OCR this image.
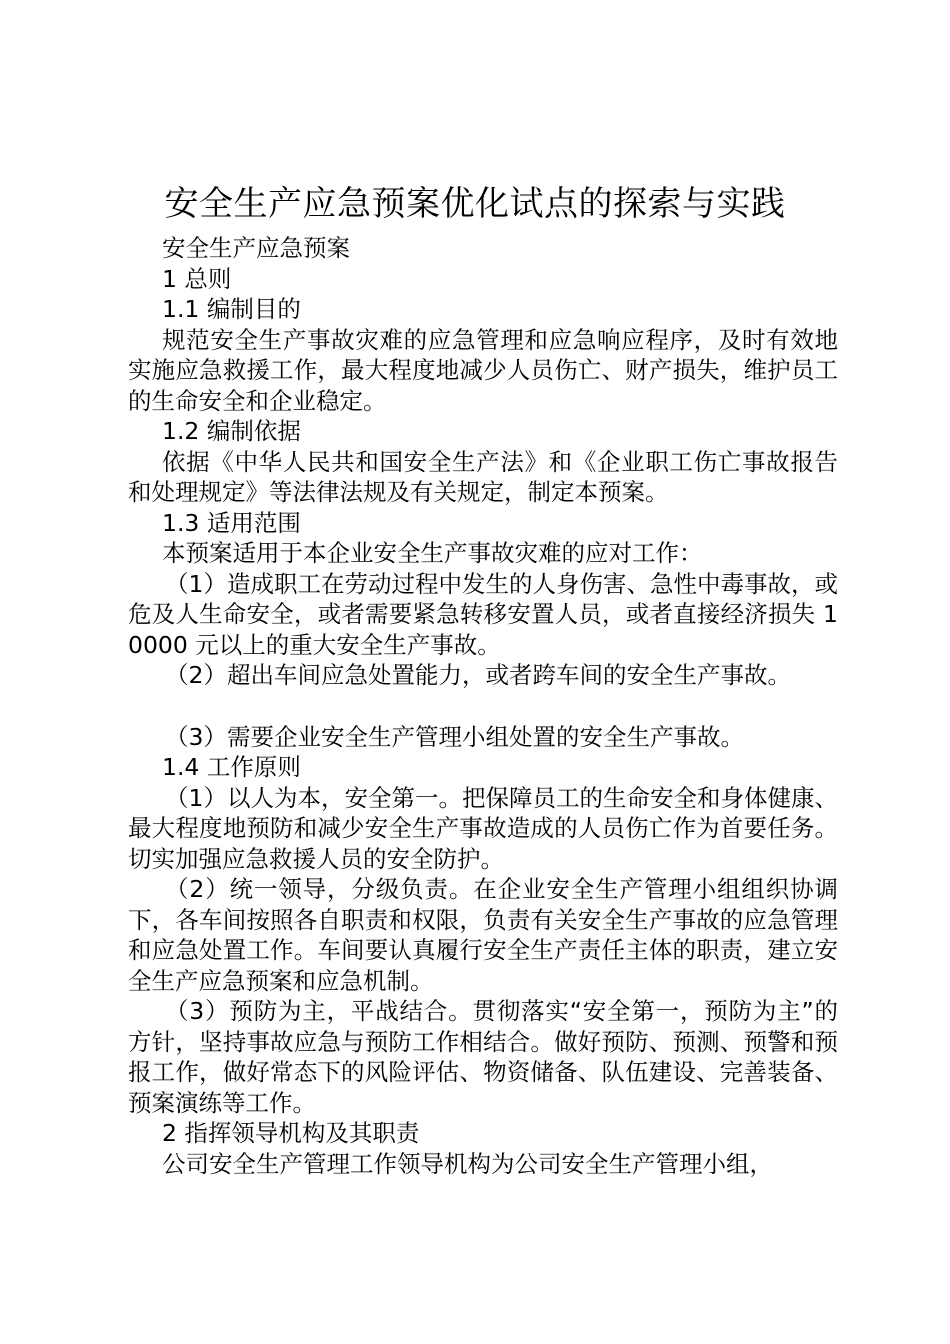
安全生产应急预案优化试点的探索与实践

安全生产应急预案

1 总则

1.1 编制目的

规范安全生产事故灾难的应急管理和应急响应程序，及时有效地实施应急救援工作，最大程度地减少人员伤亡、财产损失，维护员工的生命安全和企业稳定。

1.2 编制依据

依据《中华人民共和国安全生产法》和《企业职工伤亡事故报告和处理规定》等法律法规及有关规定，制定本预案。

1.3 适用范围

本预案适用于本企业安全生产事故灾难的应对工作：

（1）造成职工在劳动过程中发生的人身伤害、急性中毒事故，或危及人生命安全，或者需要紧急转移安置人员，或者直接经济损失 10000 元以上的重大安全生产事故。

（2）超出车间应急处置能力，或者跨车间的安全生产事故。

（3）需要企业安全生产管理小组处置的安全生产事故。

1.4 工作原则

（1）以人为本，安全第一。把保障员工的生命安全和身体健康、最大程度地预防和减少安全生产事故造成的人员伤亡作为首要任务。切实加强应急救援人员的安全防护。

（2）统一领导，分级负责。在企业安全生产管理小组组织协调下，各车间按照各自职责和权限，负责有关安全生产事故的应急管理和应急处置工作。车间要认真履行安全生产责任主体的职责，建立安全生产应急预案和应急机制。

（3）预防为主，平战结合。贯彻落实“安全第一，预防为主”的方针，坚持事故应急与预防工作相结合。做好预防、预测、预警和预报工作，做好常态下的风险评估、物资储备、队伍建设、完善装备、预案演练等工作。

2 指挥领导机构及其职责

公司安全生产管理工作领导机构为公司安全生产管理小组，
